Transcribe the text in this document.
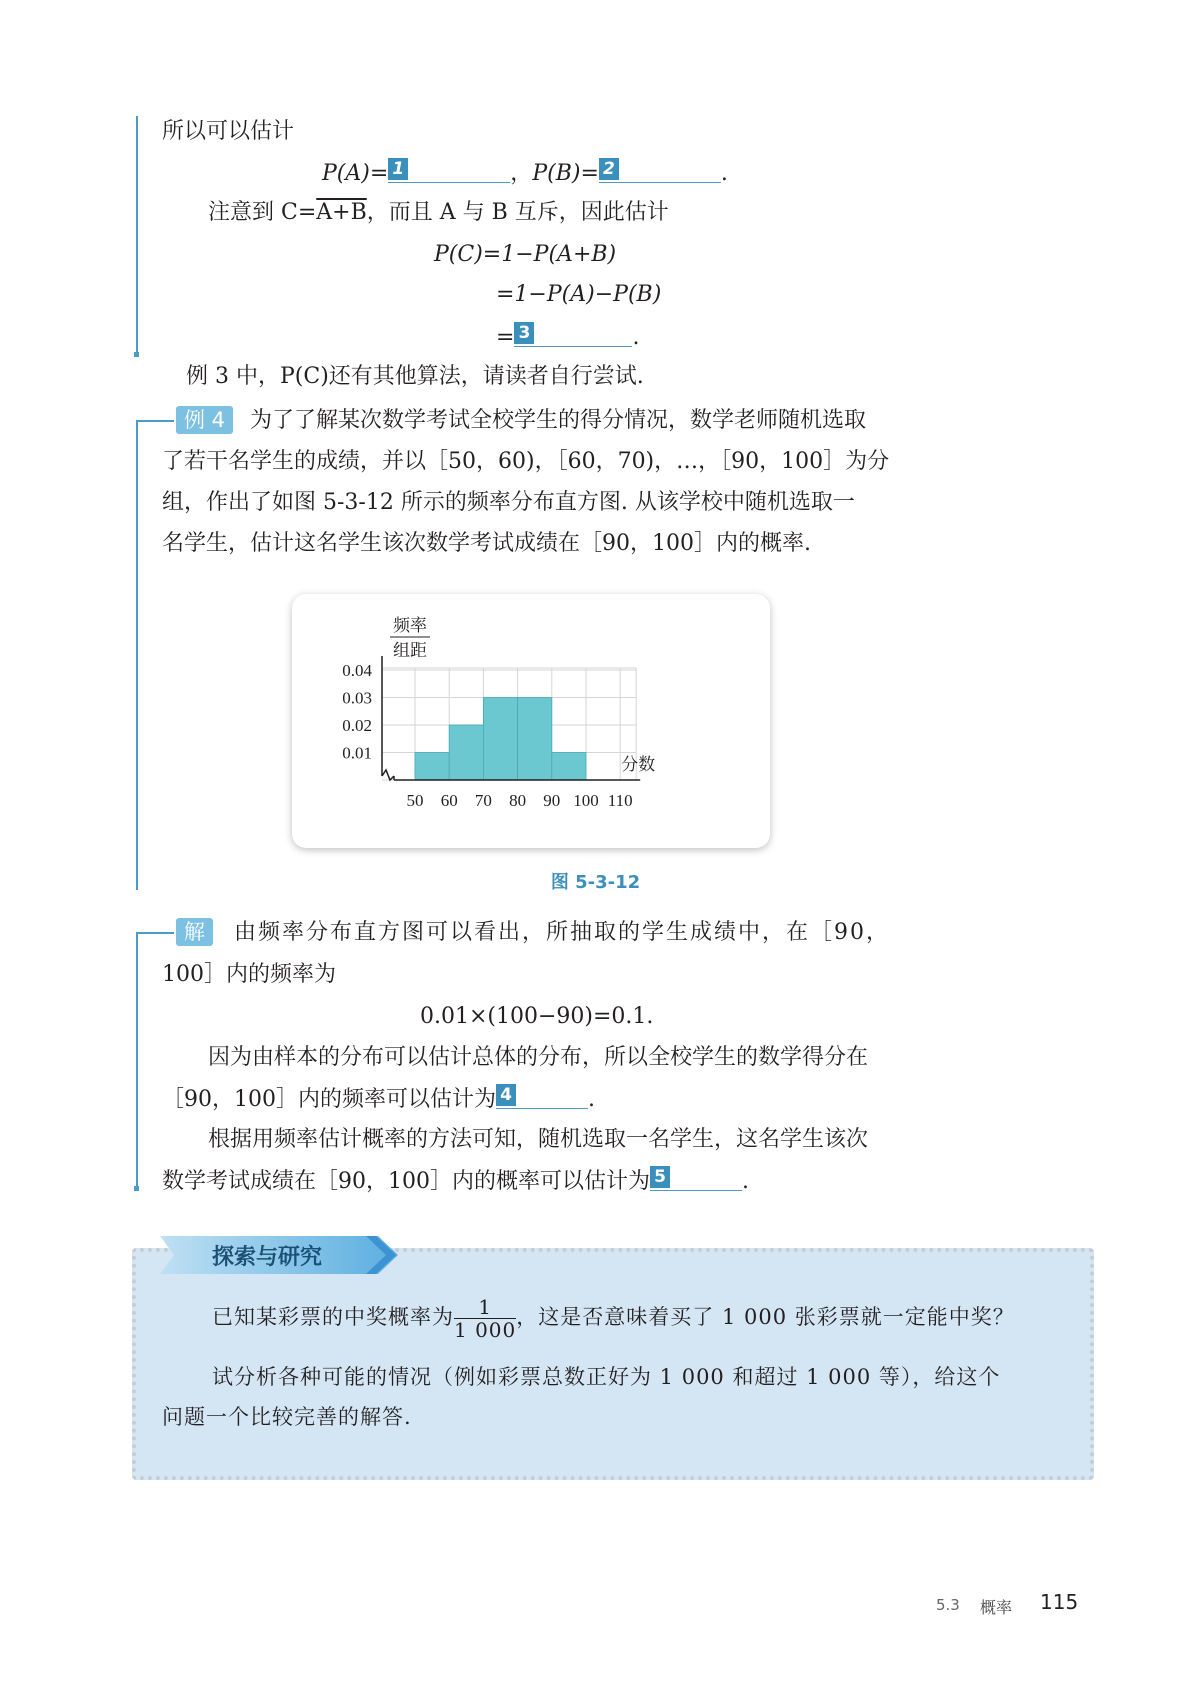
所以可以估计
P(A)= 1	，P(B)= 2	.
注意到 C=A+B，而且 A 与 B 互斥，因此估计
P(C)=1−P(A+B)
=1−P(A)−P(B)
= 3	.
例 3 中，P(C)还有其他算法，请读者自行尝试.
例 4 为了了解某次数学考试全校学生的得分情况，数学老师随机选取
了若干名学生的成绩，并以［50，60)，［60，70)，…，［90，100］为分
组，作出了如图 5-3-12 所示的频率分布直方图. 从该学校中随机选取一
名学生，估计这名学生该次数学考试成绩在［90，100］内的概率.
0.01
0.02
0.03
0.04
50 60 70 80 90 100 110
频率
组距
分数
图 5-3-12
解 由频率分布直方图可以看出，所抽取的学生成绩中，在［90，
100］内的频率为
0.01×(100−90)=0.1.
因为由样本的分布可以估计总体的分布，所以全校学生的数学得分在
［90，100］内的频率可以估计为 4	.
根据用频率估计概率的方法可知，随机选取一名学生，这名学生该次
数学考试成绩在［90，100］内的概率可以估计为 5	.
探索与研究
已知某彩票的中奖概率为 $\frac{1}{1 000}$ ，这是否意味着买了 1 000 张彩票就一定能中奖？
试分析各种可能的情况（例如彩票总数正好为 1 000 和超过 1 000 等），给这个
问题一个比较完善的解答.
5.3 概率 115
